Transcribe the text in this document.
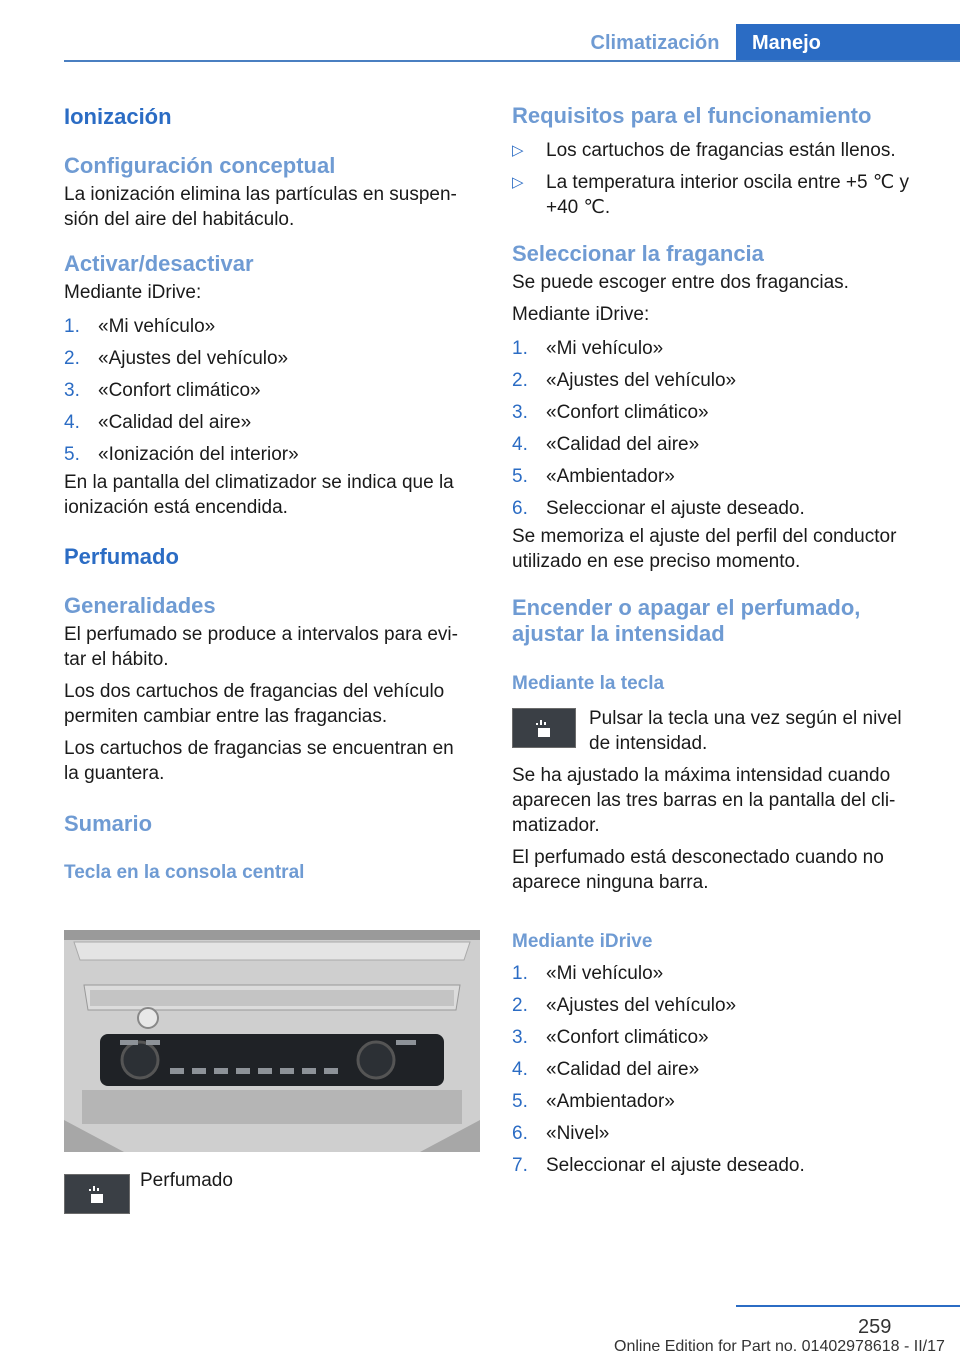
Climatización	Manejo
Ionización
Configuración conceptual
La ionización elimina las partículas en suspen‐
sión del aire del habitáculo.
Activar/desactivar
Mediante iDrive:
1. «Mi vehículo»
2. «Ajustes del vehículo»
3. «Confort climático»
4. «Calidad del aire»
5. «Ionización del interior»
En la pantalla del climatizador se indica que la
ionización está encendida.
Perfumado
Generalidades
El perfumado se produce a intervalos para evi‐
tar el hábito.
Los dos cartuchos de fragancias del vehículo
permiten cambiar entre las fragancias.
Los cartuchos de fragancias se encuentran en
la guantera.
Sumario
Tecla en la consola central
Perfumado
Requisitos para el funcionamiento
▷	Los cartuchos de fragancias están llenos.
▷	La temperatura interior oscila entre +5 ℃ y
+40 ℃.
Seleccionar la fragancia
Se puede escoger entre dos fragancias.
Mediante iDrive:
1. «Mi vehículo»
2. «Ajustes del vehículo»
3. «Confort climático»
4. «Calidad del aire»
5. «Ambientador»
6. Seleccionar el ajuste deseado.
Se memoriza el ajuste del perfil del conductor
utilizado en ese preciso momento.
Encender o apagar el perfumado,
ajustar la intensidad
Mediante la tecla
Pulsar la tecla una vez según el nivel
de intensidad.
Se ha ajustado la máxima intensidad cuando
aparecen las tres barras en la pantalla del cli‐
matizador.
El perfumado está desconectado cuando no
aparece ninguna barra.
Mediante iDrive
1. «Mi vehículo»
2. «Ajustes del vehículo»
3. «Confort climático»
4. «Calidad del aire»
5. «Ambientador»
6. «Nivel»
7. Seleccionar el ajuste deseado.
259
Online Edition for Part no. 01402978618 - II/17
